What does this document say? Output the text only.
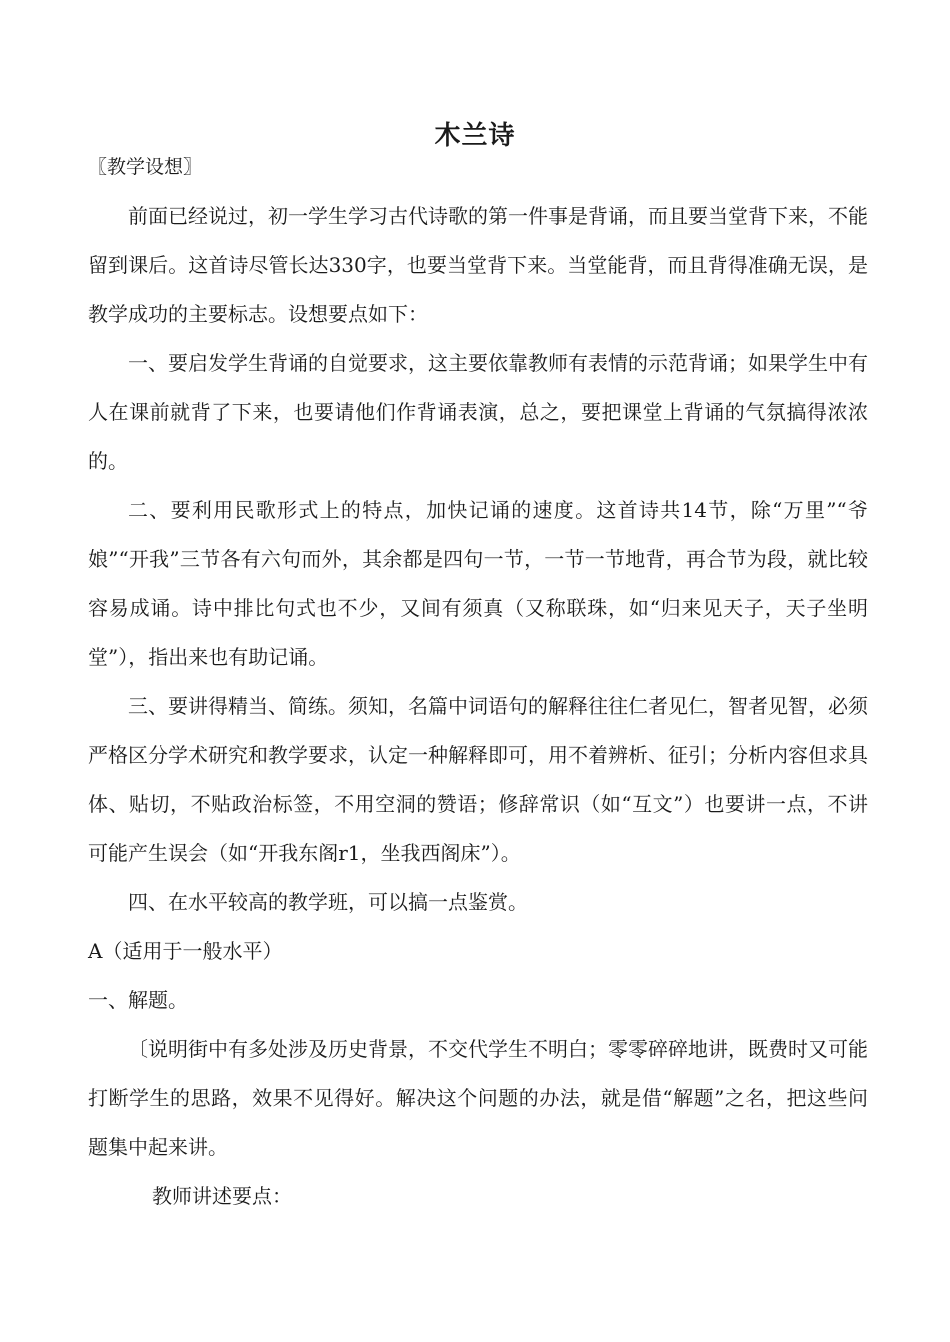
木兰诗
〖教学设想〗

前面已经说过，初一学生学习古代诗歌的第一件事是背诵，而且要当堂背下来，不能留到课后。这首诗尽管长达330字，也要当堂背下来。当堂能背，而且背得准确无误，是教学成功的主要标志。设想要点如下：

一、要启发学生背诵的自觉要求，这主要依靠教师有表情的示范背诵；如果学生中有人在课前就背了下来，也要请他们作背诵表演，总之，要把课堂上背诵的气氛搞得浓浓的。

二、要利用民歌形式上的特点，加快记诵的速度。这首诗共14节，除“万里”“爷娘”“开我”三节各有六句而外，其余都是四句一节，一节一节地背，再合节为段，就比较容易成诵。诗中排比句式也不少，又间有须真（又称联珠，如“归来见天子，天子坐明堂”），指出来也有助记诵。

三、要讲得精当、简练。须知，名篇中词语句的解释往往仁者见仁，智者见智，必须严格区分学术研究和教学要求，认定一种解释即可，用不着辨析、征引；分析内容但求具体、贴切，不贴政治标签，不用空洞的赞语；修辞常识（如“互文”）也要讲一点，不讲可能产生误会（如“开我东阁r1，坐我西阁床”）。

四、在水平较高的教学班，可以搞一点鉴赏。

A（适用于一般水平）

一、解题。

〔说明街中有多处涉及历史背景，不交代学生不明白；零零碎碎地讲，既费时又可能打断学生的思路，效果不见得好。解决这个问题的办法，就是借“解题”之名，把这些问题集中起来讲。

教师讲述要点：
